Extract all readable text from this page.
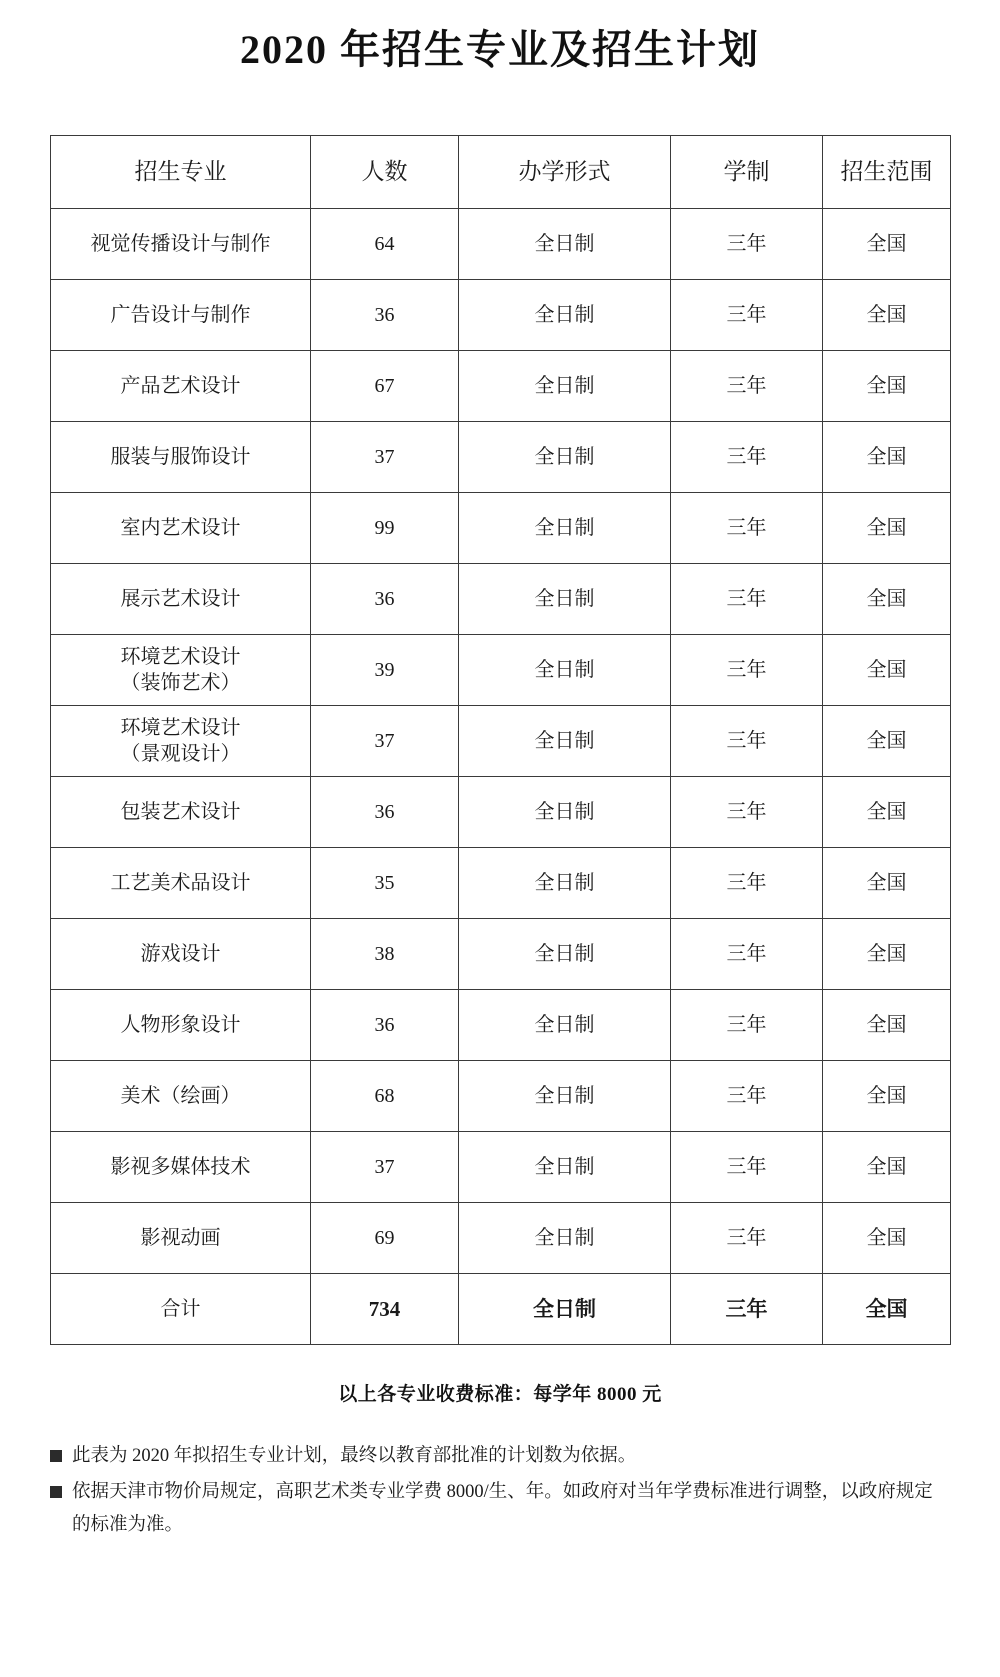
2020 年招生专业及招生计划
招生专业	人数	办学形式	学制	招生范围
视觉传播设计与制作	64	全日制	三年	全国
广告设计与制作	36	全日制	三年	全国
产品艺术设计	67	全日制	三年	全国
服装与服饰设计	37	全日制	三年	全国
室内艺术设计	99	全日制	三年	全国
展示艺术设计	36	全日制	三年	全国

环境艺术设计
（装饰艺术）	39	全日制	三年	全国

环境艺术设计
（景观设计）	37	全日制	三年	全国
包装艺术设计	36	全日制	三年	全国
工艺美术品设计	35	全日制	三年	全国
游戏设计	38	全日制	三年	全国
人物形象设计	36	全日制	三年	全国
美术（绘画）	68	全日制	三年	全国
影视多媒体技术	37	全日制	三年	全国
影视动画	69	全日制	三年	全国
合计	734	全日制	三年	全国
以上各专业收费标准：每学年 8000 元
此表为 2020 年拟招生专业计划，最终以教育部批准的计划数为依据。
依据天津市物价局规定，高职艺术类专业学费 8000/生、年。如政府对当年学费标准进行调整，以政府规定的标准为准。
